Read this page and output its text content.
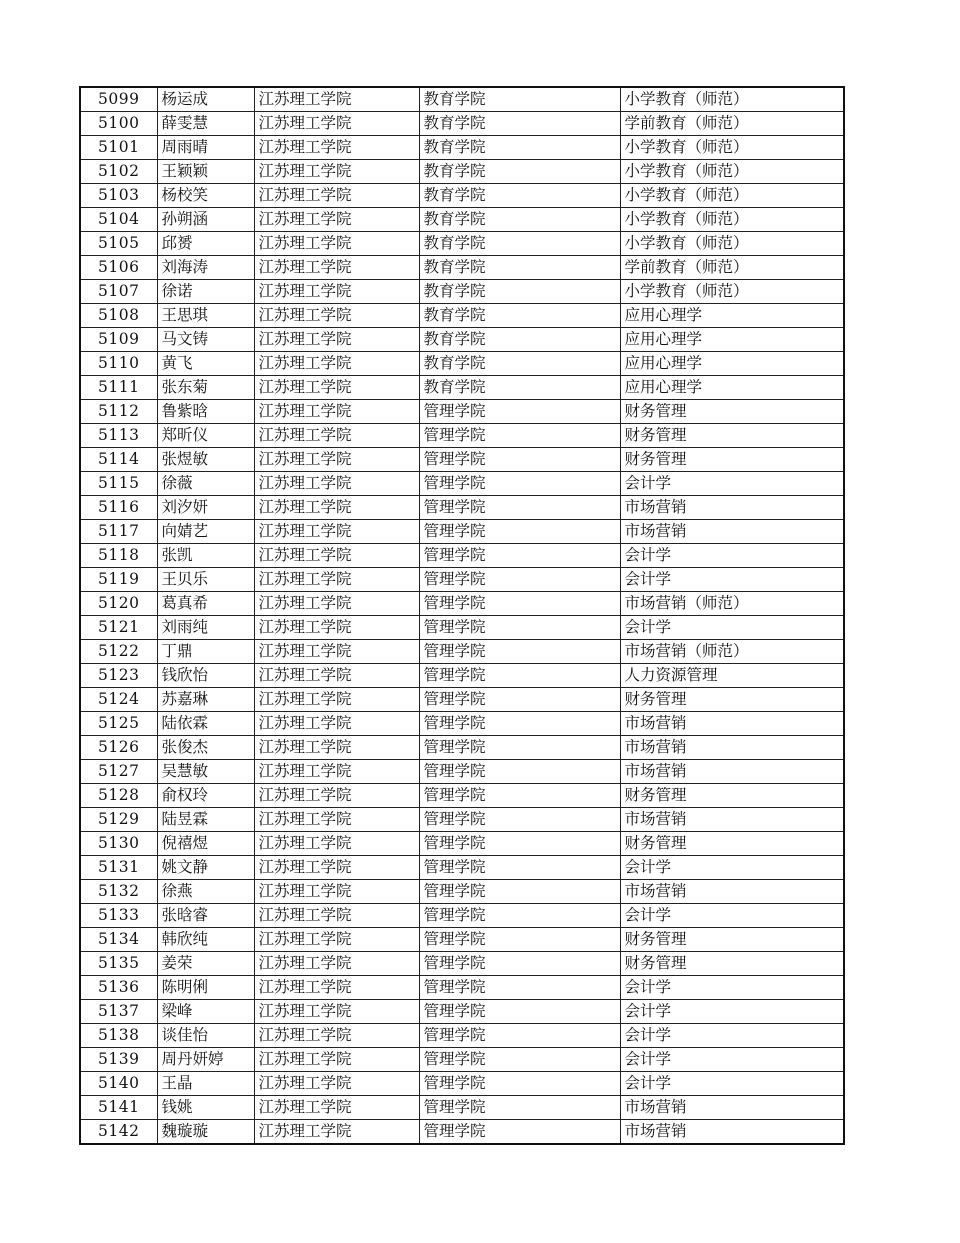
5099	杨运成	江苏理工学院	教育学院	小学教育（师范）
5100	薛雯慧	江苏理工学院	教育学院	学前教育（师范）
5101	周雨晴	江苏理工学院	教育学院	小学教育（师范）
5102	王颖颖	江苏理工学院	教育学院	小学教育（师范）
5103	杨校笑	江苏理工学院	教育学院	小学教育（师范）
5104	孙朔涵	江苏理工学院	教育学院	小学教育（师范）
5105	邱赟	江苏理工学院	教育学院	小学教育（师范）
5106	刘海涛	江苏理工学院	教育学院	学前教育（师范）
5107	徐诺	江苏理工学院	教育学院	小学教育（师范）
5108	王思琪	江苏理工学院	教育学院	应用心理学
5109	马文铸	江苏理工学院	教育学院	应用心理学
5110	黄飞	江苏理工学院	教育学院	应用心理学
5111	张东菊	江苏理工学院	教育学院	应用心理学
5112	鲁紫晗	江苏理工学院	管理学院	财务管理
5113	郑昕仪	江苏理工学院	管理学院	财务管理
5114	张煜敏	江苏理工学院	管理学院	财务管理
5115	徐薇	江苏理工学院	管理学院	会计学
5116	刘汐妍	江苏理工学院	管理学院	市场营销
5117	向婧艺	江苏理工学院	管理学院	市场营销
5118	张凯	江苏理工学院	管理学院	会计学
5119	王贝乐	江苏理工学院	管理学院	会计学
5120	葛真希	江苏理工学院	管理学院	市场营销（师范）
5121	刘雨纯	江苏理工学院	管理学院	会计学
5122	丁鼎	江苏理工学院	管理学院	市场营销（师范）
5123	钱欣怡	江苏理工学院	管理学院	人力资源管理
5124	苏嘉琳	江苏理工学院	管理学院	财务管理
5125	陆依霖	江苏理工学院	管理学院	市场营销
5126	张俊杰	江苏理工学院	管理学院	市场营销
5127	吴慧敏	江苏理工学院	管理学院	市场营销
5128	俞权玲	江苏理工学院	管理学院	财务管理
5129	陆昱霖	江苏理工学院	管理学院	市场营销
5130	倪禧煜	江苏理工学院	管理学院	财务管理
5131	姚文静	江苏理工学院	管理学院	会计学
5132	徐燕	江苏理工学院	管理学院	市场营销
5133	张晗睿	江苏理工学院	管理学院	会计学
5134	韩欣纯	江苏理工学院	管理学院	财务管理
5135	姜荣	江苏理工学院	管理学院	财务管理
5136	陈明俐	江苏理工学院	管理学院	会计学
5137	梁峰	江苏理工学院	管理学院	会计学
5138	谈佳怡	江苏理工学院	管理学院	会计学
5139	周丹妍婷	江苏理工学院	管理学院	会计学
5140	王晶	江苏理工学院	管理学院	会计学
5141	钱姚	江苏理工学院	管理学院	市场营销
5142	魏璇璇	江苏理工学院	管理学院	市场营销
